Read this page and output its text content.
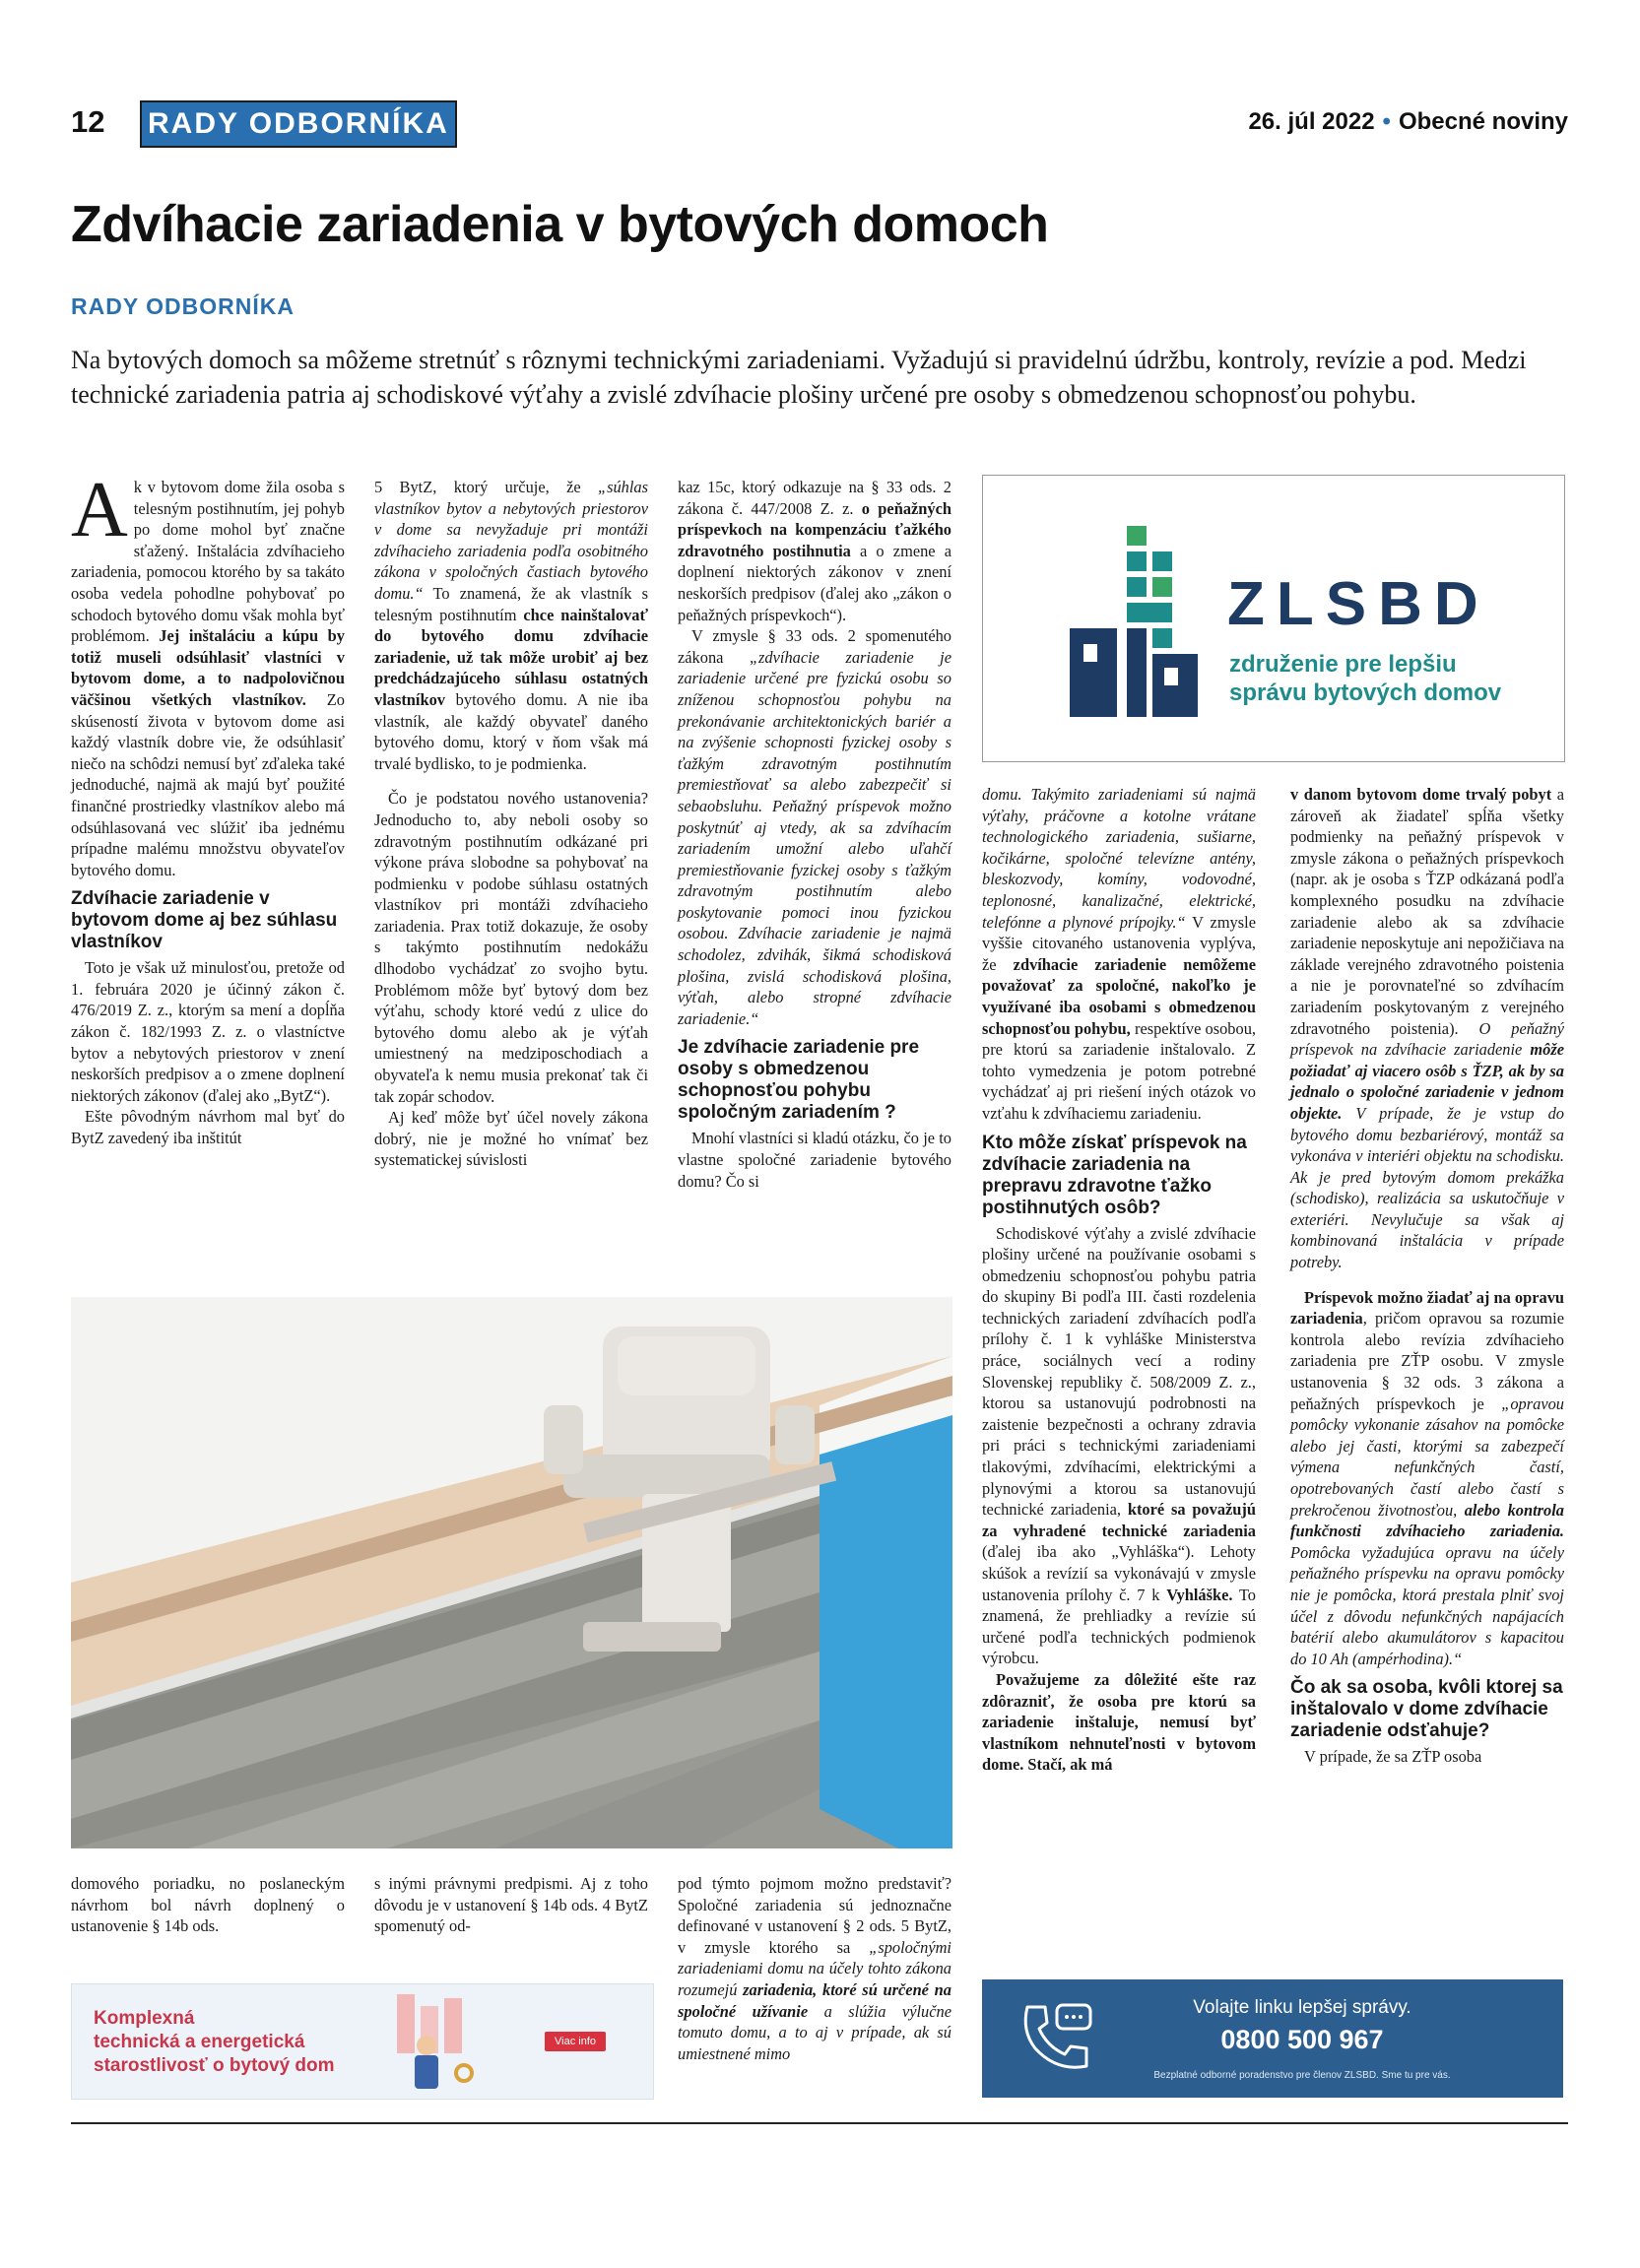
12 RADY ODBORNÍKA	26. júl 2022 • Obecné noviny
Zdvíhacie zariadenia v bytových domoch
RADY ODBORNÍKA

Na bytových domoch sa môžeme stretnúť s rôznymi technickými zariadeniami. Vyžadujú si pravidelnú údržbu, kontroly, revízie a pod. Medzi technické zariadenia patria aj schodiskové výťahy a zvislé zdvíhacie plošiny určené pre osoby s obmedzenou schopnosťou pohybu.

Ak v bytovom dome žila osoba s telesným postihnutím, jej pohyb po dome mohol byť značne sťažený. Inštalácia zdvíhacieho zariadenia, pomocou ktorého by sa takáto osoba vedela pohodlne pohybovať po schodoch bytového domu však mohla byť problémom. Jej inštaláciu a kúpu by totiž museli odsúhlasiť vlastníci v bytovom dome, a to nadpolovičnou väčšinou všetkých vlastníkov. Zo skúseností života v bytovom dome asi každý vlastník dobre vie, že odsúhlasiť niečo na schôdzi nemusí byť zďaleka také jednoduché, najmä ak majú byť použité finančné prostriedky vlastníkov alebo má odsúhlasovaná vec slúžiť iba jednému prípadne malému množstvu obyvateľov bytového domu.

Zdvíhacie zariadenie v bytovom dome aj bez súhlasu vlastníkov

Toto je však už minulosťou, pretože od 1. februára 2020 je účinný zákon č. 476/2019 Z. z., ktorým sa mení a dopĺňa zákon č. 182/1993 Z. z. o vlastníctve bytov a nebytových priestorov v znení neskorších predpisov a o zmene doplnení niektorých zákonov (ďalej ako „BytZ“).

Ešte pôvodným návrhom mal byť do BytZ zavedený iba inštitút

domového poriadku, no poslaneckým návrhom bol návrh doplnený o ustanovenie § 14b ods.

5 BytZ, ktorý určuje, že „súhlas vlastníkov bytov a nebytových priestorov v dome sa nevyžaduje pri montáži zdvíhacieho zariadenia podľa osobitného zákona v spoločných častiach bytového domu.“ To znamená, že ak vlastník s telesným postihnutím chce nainštalovať do bytového domu zdvíhacie zariadenie, už tak môže urobiť aj bez predchádzajúceho súhlasu ostatných vlastníkov bytového domu. A nie iba vlastník, ale každý obyvateľ daného bytového domu, ktorý v ňom však má trvalé bydlisko, to je podmienka.

Čo je podstatou nového ustanovenia? Jednoducho to, aby neboli osoby so zdravotným postihnutím odkázané pri výkone práva slobodne sa pohybovať na podmienku v podobe súhlasu ostatných vlastníkov pri montáži zdvíhacieho zariadenia. Prax totiž dokazuje, že osoby s takýmto postihnutím nedokážu dlhodobo vychádzať zo svojho bytu. Problémom môže byť bytový dom bez výťahu, schody ktoré vedú z ulice do bytového domu alebo ak je výťah umiestnený na medziposchodiach a obyvateľa k nemu musia prekonať tak či tak zopár schodov.

Aj keď môže byť účel novely zákona dobrý, nie je možné ho vnímať bez systematickej súvislosti

s inými právnymi predpismi. Aj z toho dôvodu je v ustanovení § 14b ods. 4 BytZ spomenutý od-

kaz 15c, ktorý odkazuje na § 33 ods. 2 zákona č. 447/2008 Z. z. o peňažných príspevkoch na kompenzáciu ťažkého zdravotného postihnutia a o zmene a doplnení niektorých zákonov v znení neskorších predpisov (ďalej ako „zákon o peňažných príspevkoch“).

V zmysle § 33 ods. 2 spomenutého zákona „zdvíhacie zariadenie je zariadenie určené pre fyzickú osobu so zníženou schopnosťou pohybu na prekonávanie architektonických bariér a na zvýšenie schopnosti fyzickej osoby s ťažkým zdravotným postihnutím premiestňovať sa alebo zabezpečiť si sebaobsluhu. Peňažný príspevok možno poskytnúť aj vtedy, ak sa zdvíhacím zariadením umožní alebo uľahčí premiestňovanie fyzickej osoby s ťažkým zdravotným postihnutím alebo poskytovanie pomoci inou fyzickou osobou. Zdvíhacie zariadenie je najmä schodolez, zdvihák, šikmá schodisková plošina, zvislá schodisková plošina, výťah, alebo stropné zdvíhacie zariadenie.“

Je zdvíhacie zariadenie pre osoby s obmedzenou schopnosťou pohybu spoločným zariadením ?

Mnohí vlastníci si kladú otázku, čo je to vlastne spoločné zariadenie bytového domu? Čo si

pod týmto pojmom možno predstaviť? Spoločné zariadenia sú jednoznačne definované v ustanovení § 2 ods. 5 BytZ, v zmysle ktorého sa „spoločnými zariadeniami domu na účely tohto zákona rozumejú zariadenia, ktoré sú určené na spoločné užívanie a slúžia výlučne tomuto domu, a to aj v prípade, ak sú umiestnené mimo

domu. Takýmito zariadeniami sú najmä výťahy, práčovne a kotolne vrátane technologického zariadenia, sušiarne, kočikárne, spoločné televízne antény, bleskozvody, komíny, vodovodné, teplonosné, kanalizačné, elektrické, telefónne a plynové prípojky.“ V zmysle vyššie citovaného ustanovenia vyplýva, že zdvíhacie zariadenie nemôžeme považovať za spoločné, nakoľko je využívané iba osobami s obmedzenou schopnosťou pohybu, respektíve osobou, pre ktorú sa zariadenie inštalovalo. Z tohto vymedzenia je potom potrebné vychádzať aj pri riešení iných otázok vo vzťahu k zdvíhaciemu zariadeniu.

Kto môže získať príspevok na zdvíhacie zariadenia na prepravu zdravotne ťažko postihnutých osôb?

Schodiskové výťahy a zvislé zdvíhacie plošiny určené na používanie osobami s obmedzeniu schopnosťou pohybu patria do skupiny Bi podľa III. časti rozdelenia technických zariadení zdvíhacích podľa prílohy č. 1 k vyhláške Ministerstva práce, sociálnych vecí a rodiny Slovenskej republiky č. 508/2009 Z. z., ktorou sa ustanovujú podrobnosti na zaistenie bezpečnosti a ochrany zdravia pri práci s technickými zariadeniami tlakovými, zdvíhacími, elektrickými a plynovými a ktorou sa ustanovujú technické zariadenia, ktoré sa považujú za vyhradené technické zariadenia (ďalej iba ako „Vyhláška“). Lehoty skúšok a revízií sa vykonávajú v zmysle ustanovenia prílohy č. 7 k Vyhláške. To znamená, že prehliadky a revízie sú určené podľa technických podmienok výrobcu.

Považujeme za dôležité ešte raz zdôrazniť, že osoba pre ktorú sa zariadenie inštaluje, nemusí byť vlastníkom nehnuteľnosti v bytovom dome. Stačí, ak má

v danom bytovom dome trvalý pobyt a zároveň ak žiadateľ spĺňa všetky podmienky na peňažný príspevok v zmysle zákona o peňažných príspevkoch (napr. ak je osoba s ŤZP odkázaná podľa komplexného posudku na zdvíhacie zariadenie alebo ak sa zdvíhacie zariadenie neposkytuje ani nepožičiava na základe verejného zdravotného poistenia a nie je porovnateľné so zdvíhacím zariadením poskytovaným z verejného zdravotného poistenia). O peňažný príspevok na zdvíhacie zariadenie môže požiadať aj viacero osôb s ŤZP, ak by sa jednalo o spoločné zariadenie v jednom objekte. V prípade, že je vstup do bytového domu bezbariérový, montáž sa vykonáva v interiéri objektu na schodisku. Ak je pred bytovým domom prekážka (schodisko), realizácia sa uskutočňuje v exteriéri. Nevylučuje sa však aj kombinovaná inštalácia v prípade potreby.

Príspevok možno žiadať aj na opravu zariadenia, pričom opravou sa rozumie kontrola alebo revízia zdvíhacieho zariadenia pre ZŤP osobu. V zmysle ustanovenia § 32 ods. 3 zákona a peňažných príspevkoch je „opravou pomôcky vykonanie zásahov na pomôcke alebo jej časti, ktorými sa zabezpečí výmena nefunkčných častí, opotrebovaných častí alebo častí s prekročenou životnosťou, alebo kontrola funkčnosti zdvíhacieho zariadenia. Pomôcka vyžadujúca opravu na účely peňažného príspevku na opravu pomôcky nie je pomôcka, ktorá prestala plniť svoj účel z dôvodu nefunkčných napájacích batérií alebo akumulátorov s kapacitou do 10 Ah (ampérhodina).“

Čo ak sa osoba, kvôli ktorej sa inštalovalo v dome zdvíhacie zariadenie odsťahuje?

V prípade, že sa ZŤP osoba

ZLSBD
združenie pre lepšiu
správu bytových domov
Komplexná
technická a energetická
starostlivosť o bytový dom
Viac info
Volajte linku lepšej správy.
0800 500 967
Bezplatné odborné poradenstvo pre členov ZLSBD. Sme tu pre vás.
